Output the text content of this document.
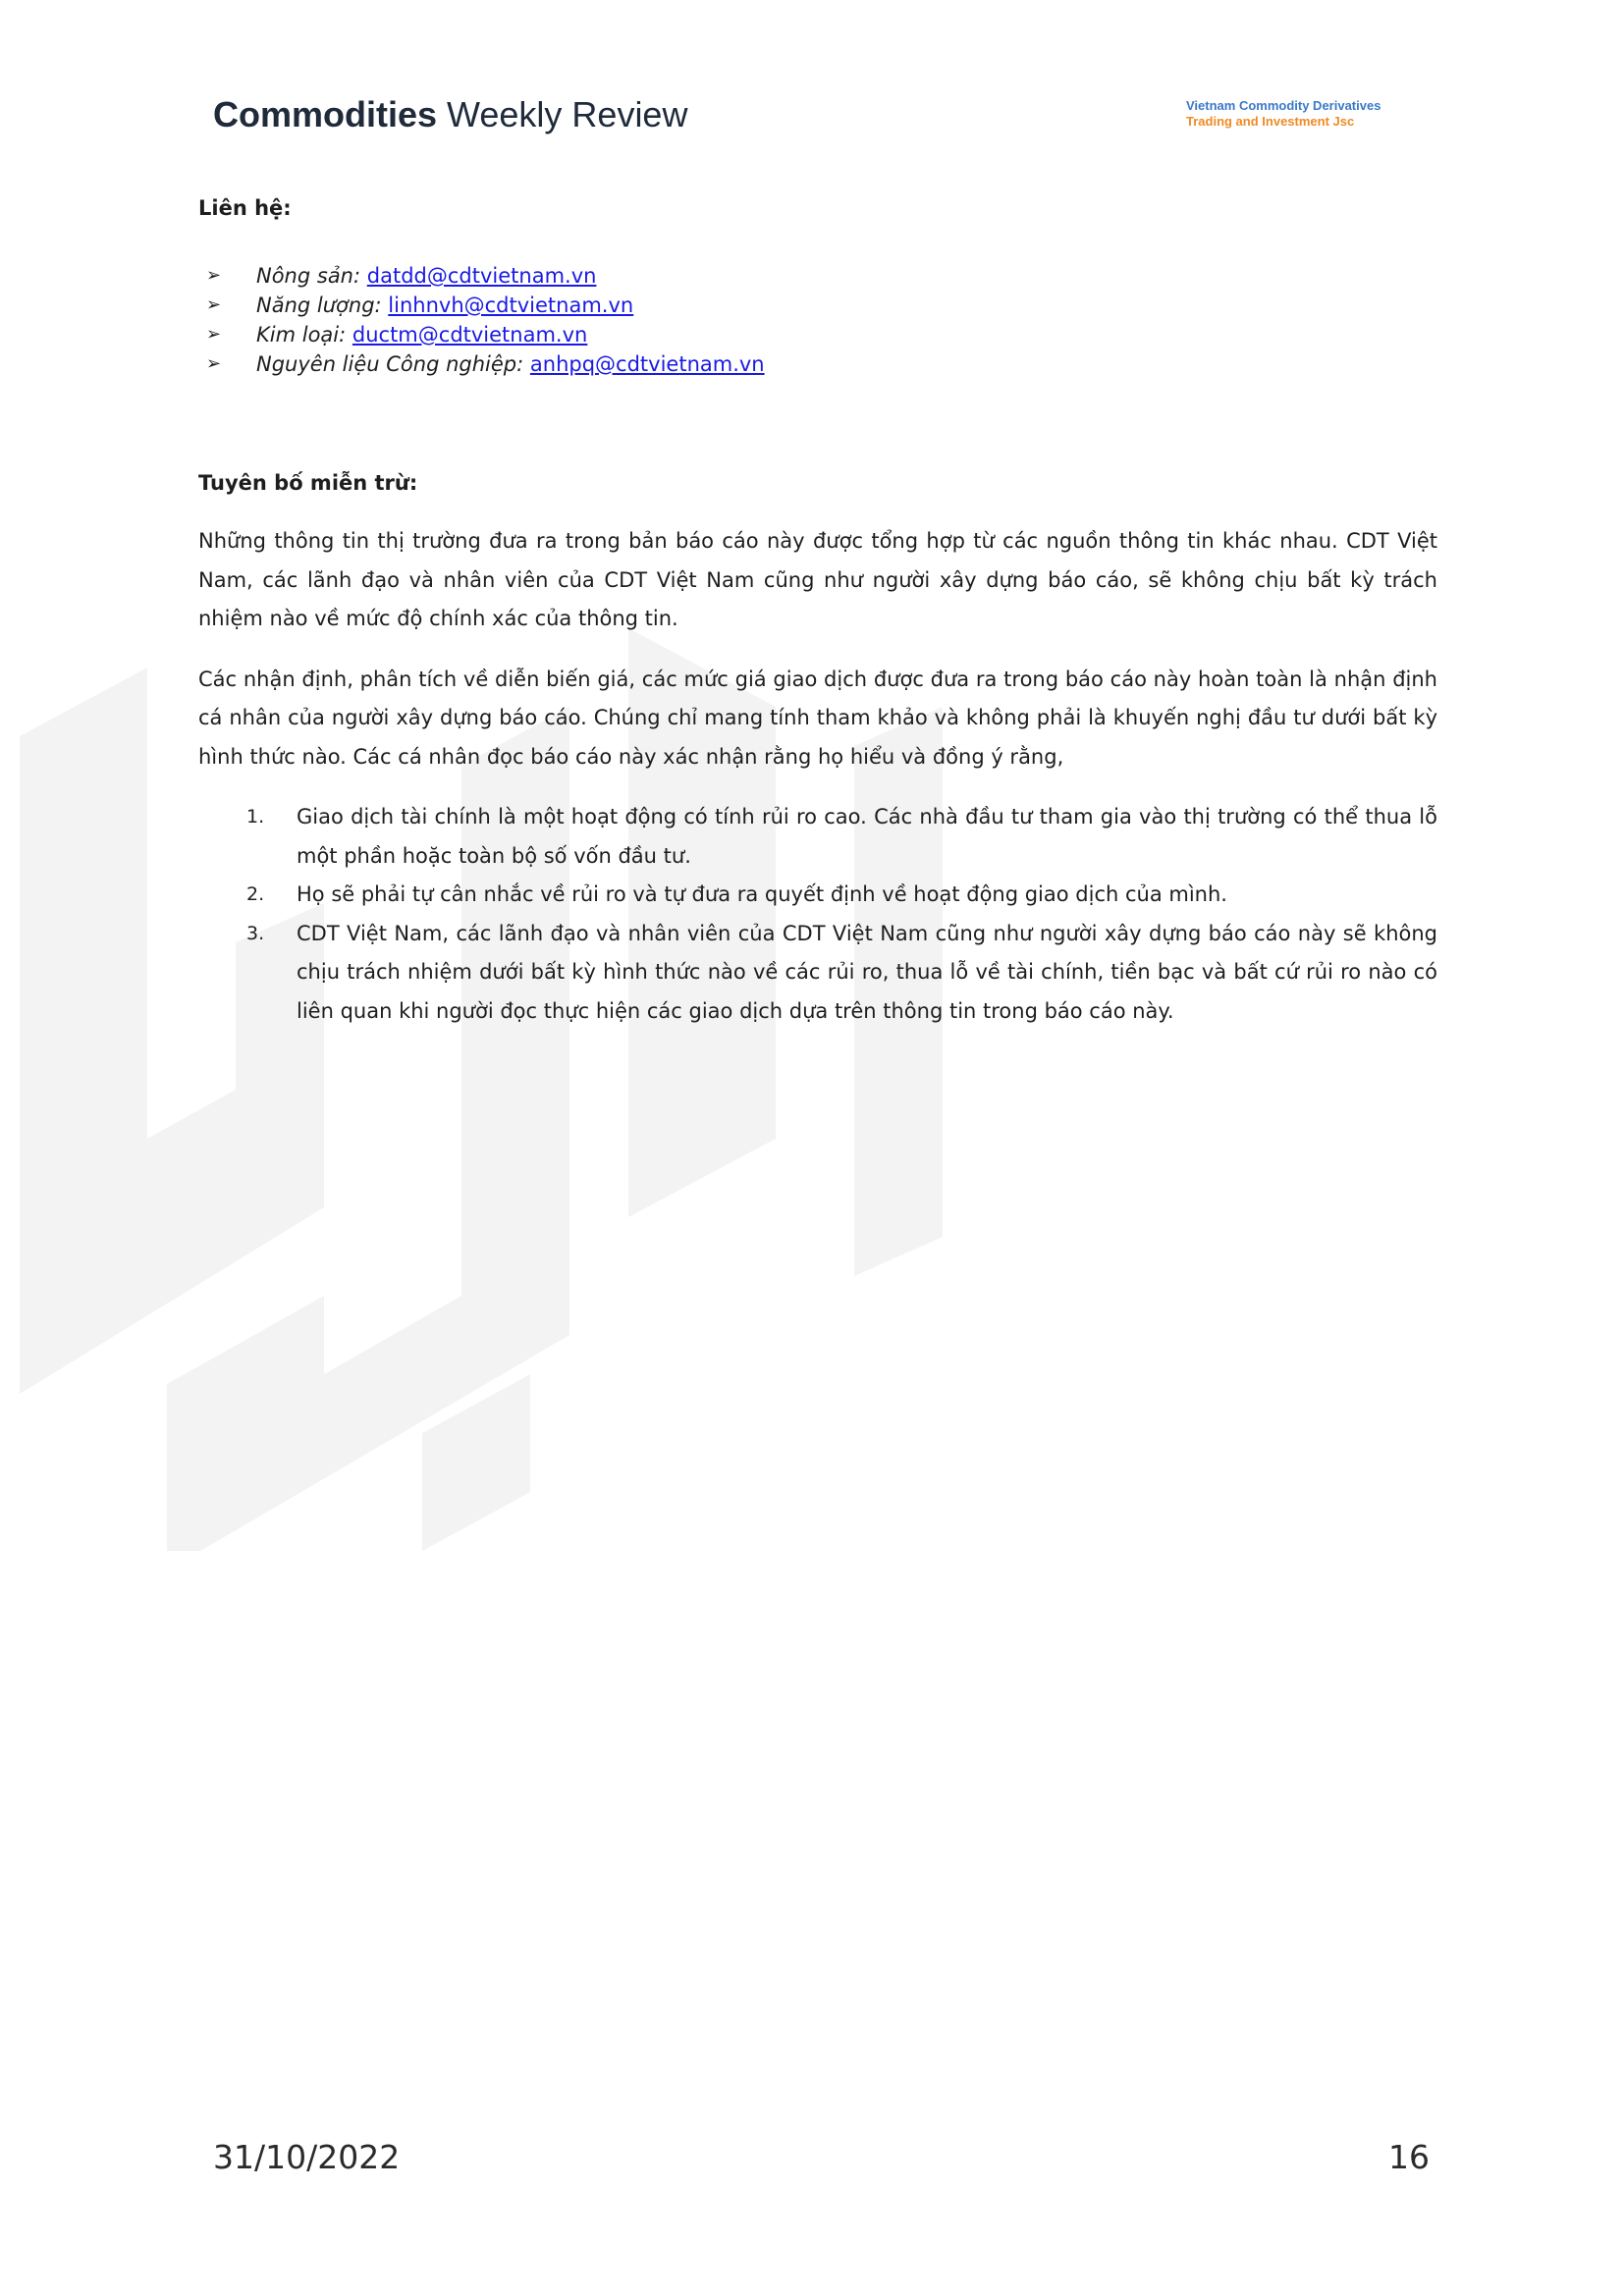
Commodities Weekly Review	Vietnam Commodity Derivatives
Trading and Investment Jsc

Liên hệ:

➢ Nông sản: datdd@cdtvietnam.vn
➢ Năng lượng: linhnvh@cdtvietnam.vn
➢ Kim loại: ductm@cdtvietnam.vn
➢ Nguyên liệu Công nghiệp: anhpq@cdtvietnam.vn

Tuyên bố miễn trừ:

Những thông tin thị trường đưa ra trong bản báo cáo này được tổng hợp từ các nguồn thông tin khác nhau. CDT Việt Nam, các lãnh đạo và nhân viên của CDT Việt Nam cũng như người xây dựng báo cáo, sẽ không chịu bất kỳ trách nhiệm nào về mức độ chính xác của thông tin.

Các nhận định, phân tích về diễn biến giá, các mức giá giao dịch được đưa ra trong báo cáo này hoàn toàn là nhận định cá nhân của người xây dựng báo cáo. Chúng chỉ mang tính tham khảo và không phải là khuyến nghị đầu tư dưới bất kỳ hình thức nào. Các cá nhân đọc báo cáo này xác nhận rằng họ hiểu và đồng ý rằng,

1. Giao dịch tài chính là một hoạt động có tính rủi ro cao. Các nhà đầu tư tham gia vào thị trường có thể thua lỗ một phần hoặc toàn bộ số vốn đầu tư.
2. Họ sẽ phải tự cân nhắc về rủi ro và tự đưa ra quyết định về hoạt động giao dịch của mình.
3. CDT Việt Nam, các lãnh đạo và nhân viên của CDT Việt Nam cũng như người xây dựng báo cáo này sẽ không chịu trách nhiệm dưới bất kỳ hình thức nào về các rủi ro, thua lỗ về tài chính, tiền bạc và bất cứ rủi ro nào có liên quan khi người đọc thực hiện các giao dịch dựa trên thông tin trong báo cáo này.
31/10/2022	16
